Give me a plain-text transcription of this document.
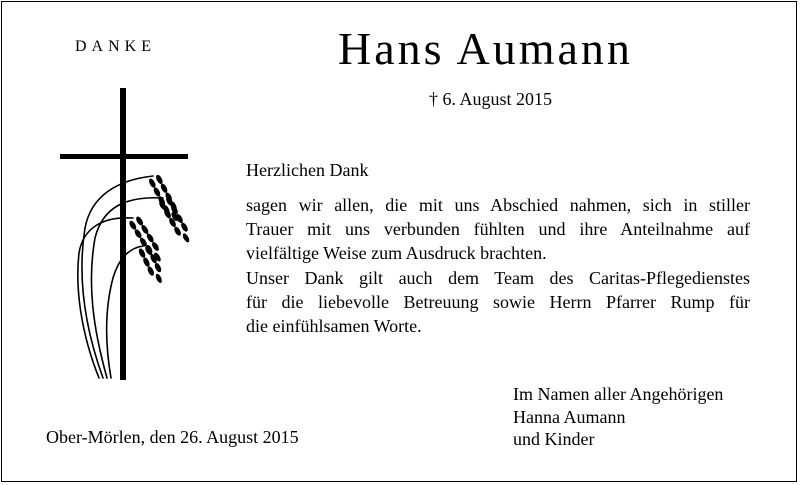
DANKE	Hans Aumann
† 6. August 2015
Herzlichen Dank
sagen wir allen, die mit uns Abschied nahmen, sich in stiller
Trauer mit uns verbunden fühlten und ihre Anteilnahme auf
vielfältige Weise zum Ausdruck brachten.
Unser Dank gilt auch dem Team des Caritas-Pflegedienstes
für die liebevolle Betreuung sowie Herrn Pfarrer Rump für
die einfühlsamen Worte.
Im Namen aller Angehörigen
Hanna Aumann
und Kinder
Ober-Mörlen, den 26. August 2015
